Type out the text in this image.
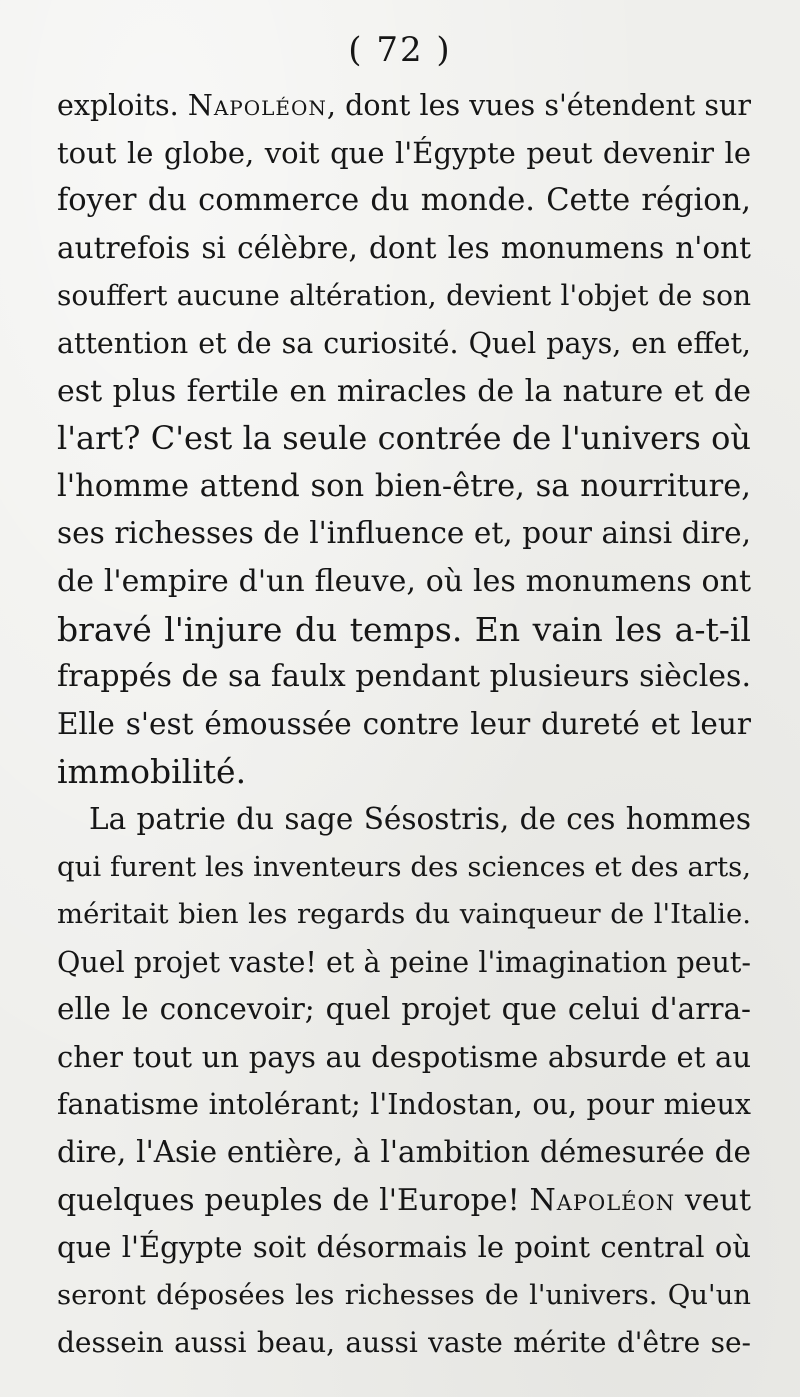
( 72 )
exploits. Napoléon, dont les vues s'étendent sur
tout le globe, voit que l'Égypte peut devenir le
foyer du commerce du monde. Cette région,
autrefois si célèbre, dont les monumens n'ont
souffert aucune altération, devient l'objet de son
attention et de sa curiosité. Quel pays, en effet,
est plus fertile en miracles de la nature et de
l'art? C'est la seule contrée de l'univers où
l'homme attend son bien-être, sa nourriture,
ses richesses de l'influence et, pour ainsi dire,
de l'empire d'un fleuve, où les monumens ont
bravé l'injure du temps. En vain les a-t-il
frappés de sa faulx pendant plusieurs siècles.
Elle s'est émoussée contre leur dureté et leur
immobilité.
La patrie du sage Sésostris, de ces hommes
qui furent les inventeurs des sciences et des arts,
méritait bien les regards du vainqueur de l'Italie.
Quel projet vaste! et à peine l'imagination peut-
elle le concevoir; quel projet que celui d'arra-
cher tout un pays au despotisme absurde et au
fanatisme intolérant; l'Indostan, ou, pour mieux
dire, l'Asie entière, à l'ambition démesurée de
quelques peuples de l'Europe! Napoléon veut
que l'Égypte soit désormais le point central où
seront déposées les richesses de l'univers. Qu'un
dessein aussi beau, aussi vaste mérite d'être se-
